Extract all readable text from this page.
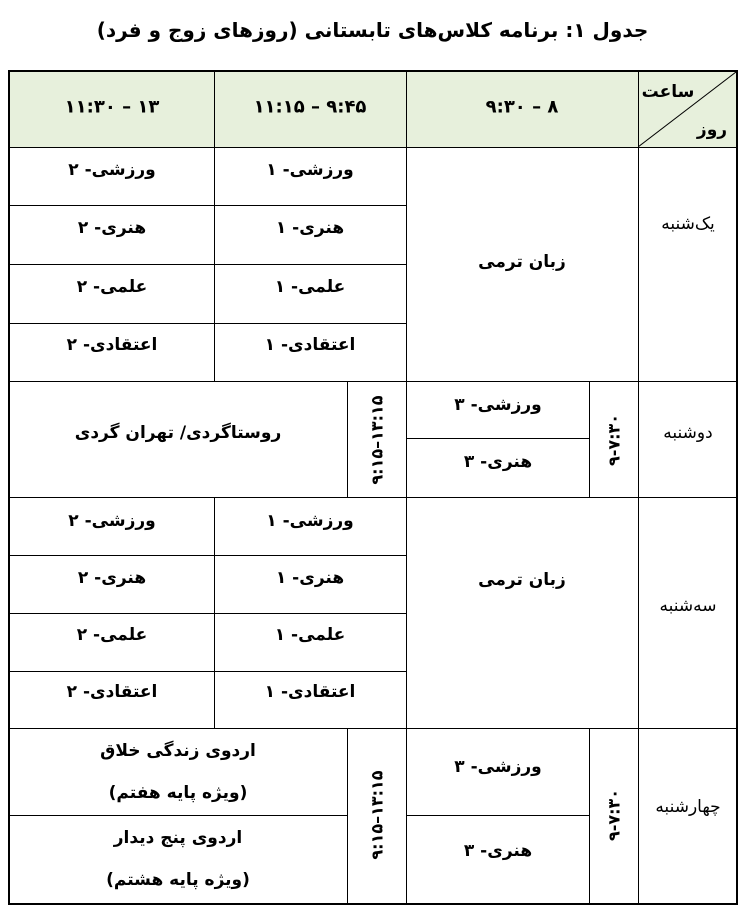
جدول ۱: برنامه کلاس‌های تابستانی (روزهای زوج و فرد)
ساعت
روز
۸ – ۹:۳۰
۹:۴۵ – ۱۱:۱۵
۱۳ – ۱۱:۳۰
یک‌شنبه
زبان ترمی
ورزشی- ۱
هنری- ۱
علمی- ۱
اعتقادی- ۱
ورزشی- ۲
هنری- ۲
علمی- ۲
اعتقادی- ۲
دوشنبه
۹-۷:۳۰
ورزشی- ۳
هنری- ۳
۹:۱۵–۱۳:۱۵
روستاگردی/ تهران گردی
سه‌شنبه
زبان ترمی
ورزشی- ۱
هنری- ۱
علمی- ۱
اعتقادی- ۱
ورزشی- ۲
هنری- ۲
علمی- ۲
اعتقادی- ۲
چهارشنبه
۹-۷:۳۰
ورزشی- ۳
هنری- ۳
۹:۱۵–۱۳:۱۵
اردوی زندگی خلاق
(ویژه پایه هفتم)
اردوی پنج دیدار
(ویژه پایه هشتم)
